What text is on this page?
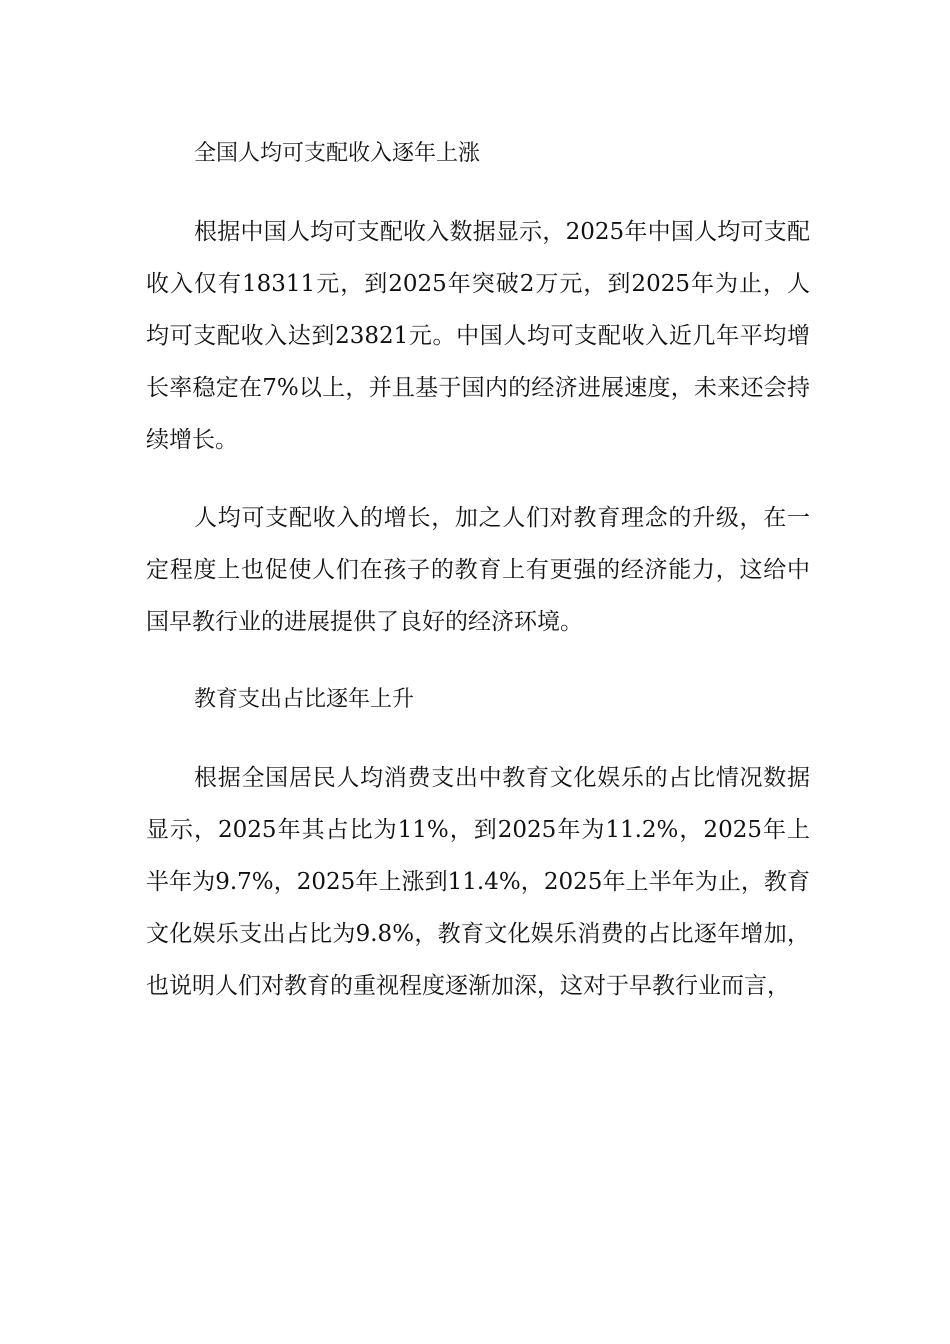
全国人均可支配收入逐年上涨

根据中国人均可支配收入数据显示，2025年中国人均可支配收入仅有18311元，到2025年突破2万元，到2025年为止，人均可支配收入达到23821元。中国人均可支配收入近几年平均增长率稳定在7%以上，并且基于国内的经济进展速度，未来还会持续增长。

人均可支配收入的增长，加之人们对教育理念的升级，在一定程度上也促使人们在孩子的教育上有更强的经济能力，这给中国早教行业的进展提供了良好的经济环境。

教育支出占比逐年上升

根据全国居民人均消费支出中教育文化娱乐的占比情况数据显示，2025年其占比为11%，到2025年为11.2%，2025年上半年为9.7%，2025年上涨到11.4%，2025年上半年为止，教育文化娱乐支出占比为9.8%，教育文化娱乐消费的占比逐年增加，也说明人们对教育的重视程度逐渐加深，这对于早教行业而言，
